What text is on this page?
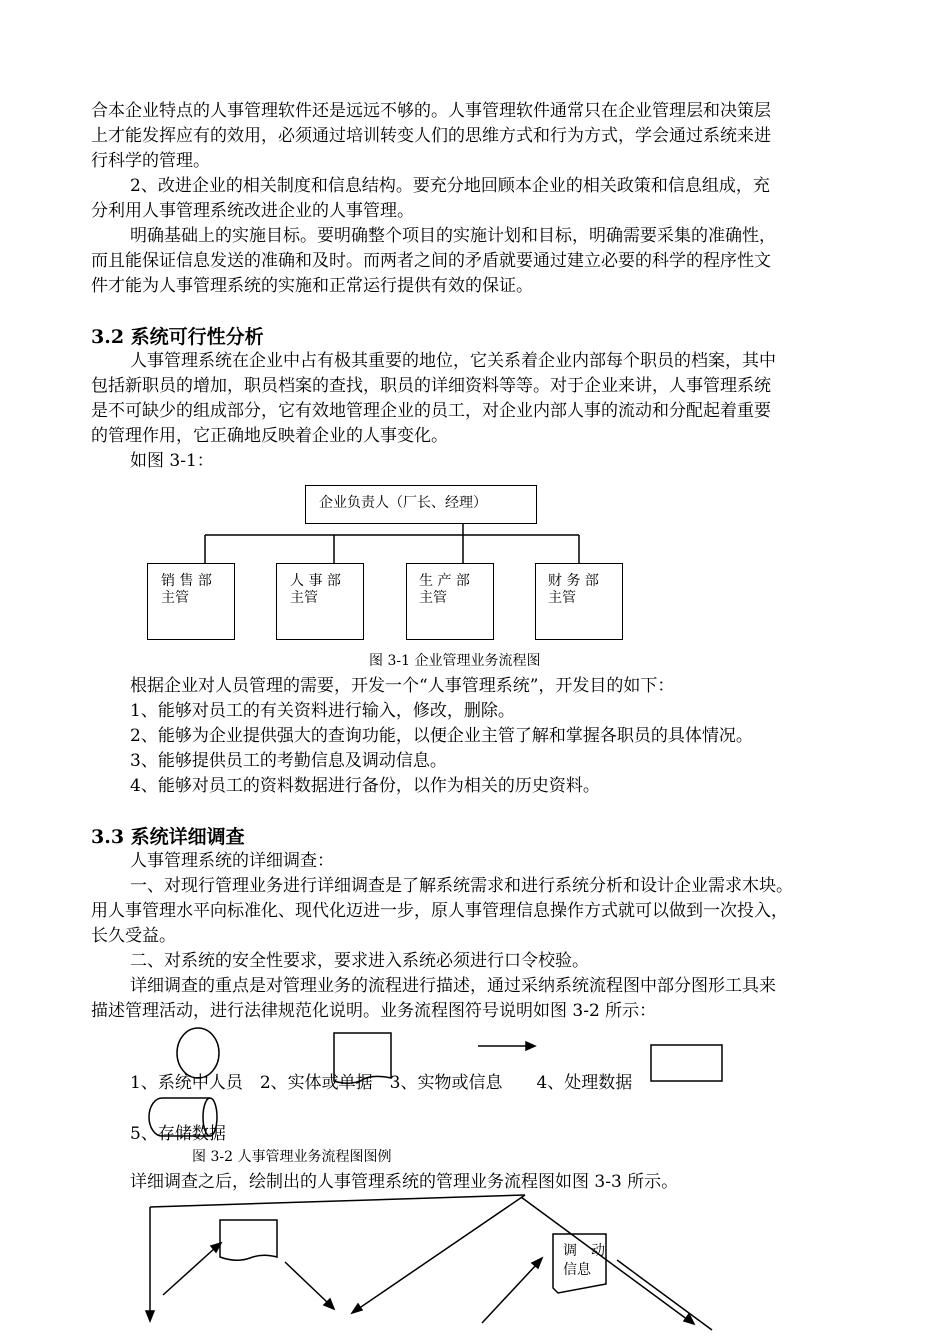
合本企业特点的人事管理软件还是远远不够的。人事管理软件通常只在企业管理层和决策层
上才能发挥应有的效用，必须通过培训转变人们的思维方式和行为方式，学会通过系统来进
行科学的管理。
2、改进企业的相关制度和信息结构。要充分地回顾本企业的相关政策和信息组成，充
分利用人事管理系统改进企业的人事管理。
明确基础上的实施目标。要明确整个项目的实施计划和目标，明确需要采集的准确性，
而且能保证信息发送的准确和及时。而两者之间的矛盾就要通过建立必要的科学的程序性文
件才能为人事管理系统的实施和正常运行提供有效的保证。
3.2 系统可行性分析
人事管理系统在企业中占有极其重要的地位，它关系着企业内部每个职员的档案，其中
包括新职员的增加，职员档案的查找，职员的详细资料等等。对于企业来讲，人事管理系统
是不可缺少的组成部分，它有效地管理企业的员工，对企业内部人事的流动和分配起着重要
的管理作用，它正确地反映着企业的人事变化。
如图 3-1：
企业负责人（厂长、经理）
销 售 部
主管
人 事 部
主管
生 产 部
主管
财 务 部
主管
图 3-1 企业管理业务流程图
根据企业对人员管理的需要，开发一个“人事管理系统”，开发目的如下：
1、能够对员工的有关资料进行输入，修改，删除。
2、能够为企业提供强大的查询功能，以便企业主管了解和掌握各职员的具体情况。
3、能够提供员工的考勤信息及调动信息。
4、能够对员工的资料数据进行备份，以作为相关的历史资料。
3.3 系统详细调查
人事管理系统的详细调查：
一、对现行管理业务进行详细调查是了解系统需求和进行系统分析和设计企业需求木块。
用人事管理水平向标准化、现代化迈进一步，原人事管理信息操作方式就可以做到一次投入，
长久受益。
二、对系统的安全性要求，要求进入系统必须进行口令校验。
详细调查的重点是对管理业务的流程进行描述，通过采纳系统流程图中部分图形工具来
描述管理活动，进行法律规范化说明。业务流程图符号说明如图 3-2 所示：
1、系统中人员　2、实体或单据　3、实物或信息　　4、处理数据
5、存储数据
图 3-2 人事管理业务流程图图例
详细调查之后，绘制出的人事管理系统的管理业务流程图如图 3-3 所示。
调　动
信息
